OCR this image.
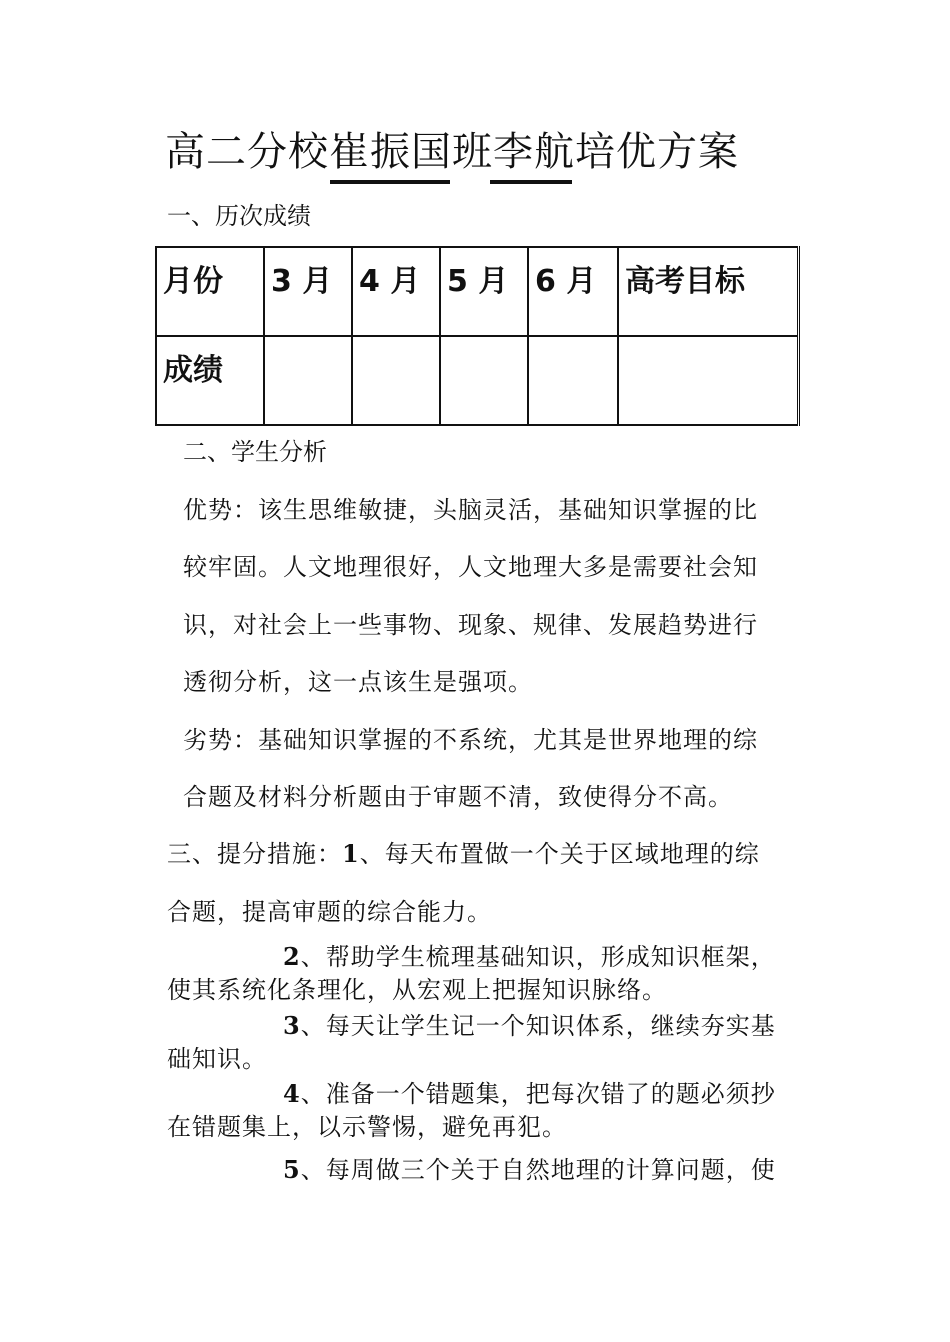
高二分校崔振国班李航培优方案
一、历次成绩
月份	3 月	4 月	5 月	6 月	高考目标
成绩					
二、学生分析
优势：该生思维敏捷，头脑灵活，基础知识掌握的比
较牢固。人文地理很好，人文地理大多是需要社会知
识，对社会上一些事物、现象、规律、发展趋势进行
透彻分析，这一点该生是强项。
劣势：基础知识掌握的不系统，尤其是世界地理的综
合题及材料分析题由于审题不清，致使得分不高。
三、提分措施：1、每天布置做一个关于区域地理的综
合题，提高审题的综合能力。
2、帮助学生梳理基础知识，形成知识框架，
使其系统化条理化，从宏观上把握知识脉络。
3、每天让学生记一个知识体系，继续夯实基
础知识。
4、准备一个错题集，把每次错了的题必须抄
在错题集上，以示警惕，避免再犯。
5、每周做三个关于自然地理的计算问题，使
